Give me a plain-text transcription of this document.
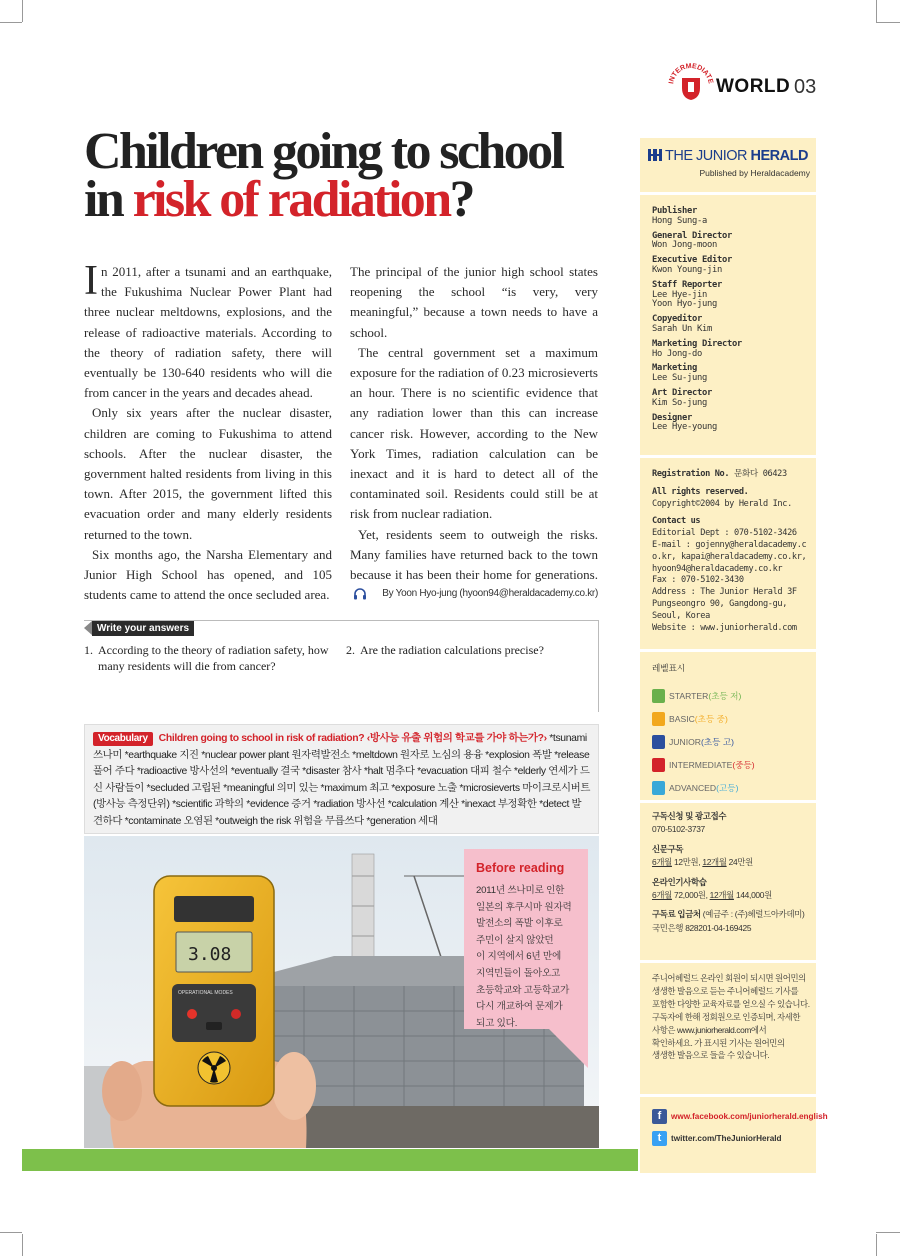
INTERMEDIATE WORLD 03
Children going to school
in risk of radiation?

In 2011, after a tsunami and an earthquake, the Fukushima Nuclear Power Plant had three nuclear meltdowns, explosions, and the release of radioactive materials. According to the theory of radiation safety, there will eventually be 130-640 residents who will die from cancer in the years and decades ahead.

Only six years after the nuclear disaster, children are coming to Fukushima to attend schools. After the nuclear disaster, the government halted residents from living in this town. After 2015, the government lifted this evacuation order and many elderly residents returned to the town.

Six months ago, the Narsha Elementary and Junior High School has opened, and 105 students came to attend the once secluded area.

The principal of the junior high school states reopening the school “is very, very meaningful,” because a town needs to have a school.

The central government set a maximum exposure for the radiation of 0.23 microsieverts an hour. There is no scientific evidence that any radiation lower than this can increase cancer risk. However, according to the New York Times, radiation calculation can be inexact and it is hard to detect all of the contaminated soil. Residents could still be at risk from nuclear radiation.

Yet, residents seem to outweigh the risks. Many families have returned back to the town because it has been their home for generations.

By Yoon Hyo-jung (hyoon94@heraldacademy.co.kr)
Write your answers
1. According to the theory of radiation safety, how many residents will die from cancer?
2. Are the radiation calculations precise?
Vocabulary Children going to school in risk of radiation? ‹방사능 유출 위험의 학교를 가야 하는가?› *tsunami 쓰나미 *earthquake 지진 *nuclear power plant 원자력발전소 *meltdown 원자로 노심의 용융 *explosion 폭발 *release 풀어 주다 *radioactive 방사선의 *eventually 결국 *disaster 참사 *halt 멈추다 *evacuation 대피 철수 *elderly 연세가 드신 사람들이 *secluded 고립된 *meaningful 의미 있는 *maximum 최고 *exposure 노출 *microsieverts 마이크로시버트 (방사능 측정단위) *scientific 과학의 *evidence 증거 *radiation 방사선 *calculation 계산 *inexact 부정확한 *detect 발견하다 *contaminate 오염된 *outweigh the risk 위험을 무릅쓰다 *generation 세대
3.08
OPERATIONAL MODES
Before reading
2011년 쓰나미로 인한
일본의 후쿠시마 원자력
발전소의 폭발 이후로
주민이 살지 않았던
이 지역에서 6년 만에
지역민들이 돌아오고
초등학교와 고등학교가
다시 개교하여 문제가
되고 있다.
THE JUNIOR HERALD
Published by Heraldacademy
Publisher
Hong Sung-a
General Director
Won Jong-moon
Executive Editor
Kwon Young-jin
Staff Reporter
Lee Hye-jin
Yoon Hyo-jung
Copyeditor
Sarah Un Kim
Marketing Director
Ho Jong-do
Marketing
Lee Su-jung
Art Director
Kim So-jung
Designer
Lee Hye-young
Registration No. 문화다 06423
All rights reserved. Copyright©2004 by Herald Inc.
Contact us
Editorial Dept : 070-5102-3426
E-mail : gojenny@heraldacademy.co.kr, kapai@heraldacademy.co.kr, hyoon94@heraldacademy.co.kr
Fax : 070-5102-3430
Address : The Junior Herald 3F Pungseongro 90, Gangdong-gu, Seoul, Korea
Website : www.juniorherald.com
레벨표시
STARTER (초등 저)
BASIC (초등 중)
JUNIOR (초등 고)
INTERMEDIATE (중등)
ADVANCED (고등)
구독신청 및 광고접수
070-5102-3737
신문구독
6개월 12만원, 12개월 24만원
온라인기사학습
6개월 72,000원, 12개월 144,000원
구독료 입금처 (예금주 : (주)헤럴드아카데미)
국민은행 828201-04-169425
주니어헤럴드 온라인 회원이 되시면 원어민의
생생한 발음으로 듣는 주니어헤럴드 기사를
포함한 다양한 교육자료를 얻으실 수 있습니다.
구독자에 한해 정회원으로 인증되며, 자세한
사항은 www.juniorherald.com에서
확인하세요. 가 표시된 기사는 원어민의
생생한 발음으로 들을 수 있습니다.
f	www.facebook.com/juniorherald.english
t	twitter.com/TheJuniorHerald
